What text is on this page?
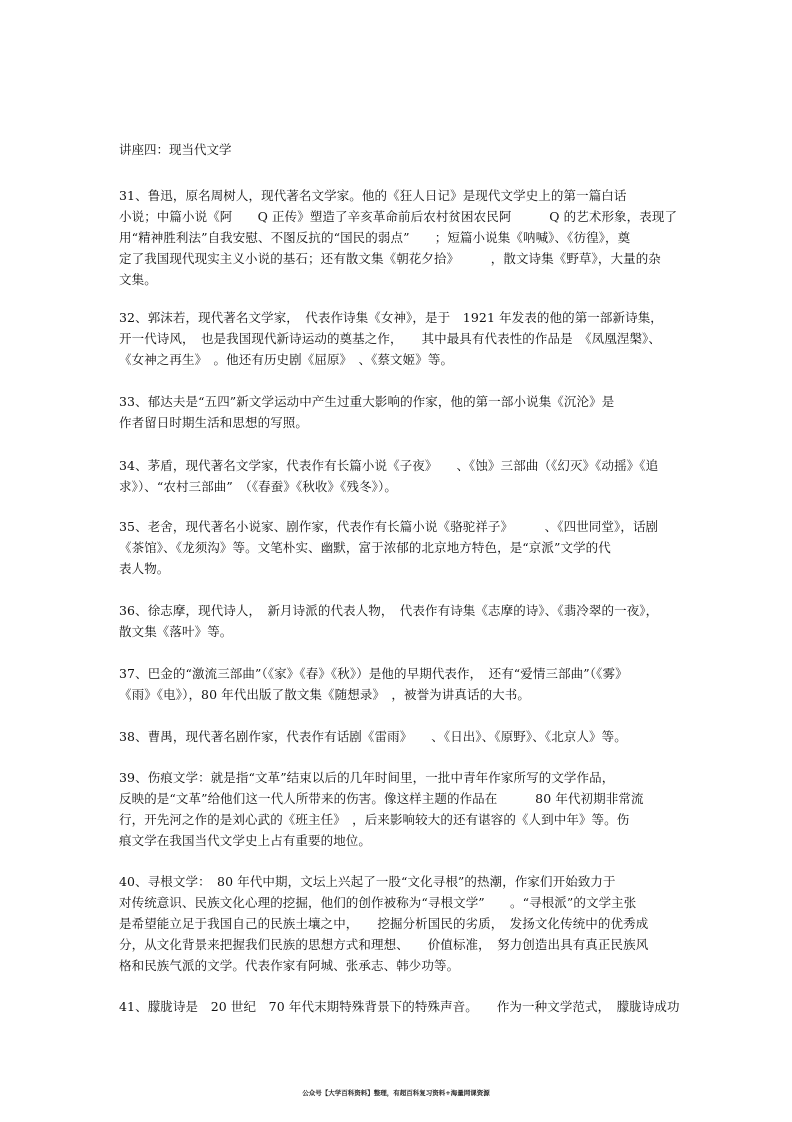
讲座四：现当代文学
31、鲁迅，原名周树人，现代著名文学家。他的《狂人日记》是现代文学史上的第一篇白话
小说；中篇小说《阿　　Q 正传》塑造了辛亥革命前后农村贫困农民阿　　　Q 的艺术形象，表现了
用“精神胜利法”自我安慰、不图反抗的“国民的弱点”　　；短篇小说集《呐喊》、《彷徨》，奠
定了我国现代现实主义小说的基石；还有散文集《朝花夕拾》　　　，散文诗集《野草》，大量的杂
文集。
32、郭沫若，现代著名文学家，　代表作诗集《女神》，是于　1921 年发表的他的第一部新诗集，
开一代诗风，　也是我国现代新诗运动的奠基之作，　　其中最具有代表性的作品是　《凤凰涅槃》、
《女神之再生》　。他还有历史剧《屈原》　、《蔡文姬》等。
33、郁达夫是“五四”新文学运动中产生过重大影响的作家，他的第一部小说集《沉沦》是
作者留日时期生活和思想的写照。
34、茅盾，现代著名文学家，代表作有长篇小说《子夜》　　、《蚀》三部曲（《幻灭》《动摇》《追
求》）、“农村三部曲”　（《春蚕》《秋收》《残冬》）。
35、老舍，现代著名小说家、剧作家，代表作有长篇小说《骆驼祥子》　　　、《四世同堂》，话剧
《茶馆》、《龙须沟》等。文笔朴实、幽默，富于浓郁的北京地方特色，是“京派”文学的代
表人物。
36、徐志摩，现代诗人，　新月诗派的代表人物，　代表作有诗集《志摩的诗》、《翡冷翠的一夜》，
散文集《落叶》等。
37、巴金的“激流三部曲”（《家》《春》《秋》）是他的早期代表作，　还有“爱情三部曲”（《雾》
《雨》《电》），80 年代出版了散文集《随想录》　，被誉为讲真话的大书。
38、曹禺，现代著名剧作家，代表作有话剧《雷雨》　　、《日出》、《原野》、《北京人》等。
39、伤痕文学：就是指“文革”结束以后的几年时间里，一批中青年作家所写的文学作品，
反映的是“文革”给他们这一代人所带来的伤害。像这样主题的作品在　　　80 年代初期非常流
行，开先河之作的是刘心武的《班主任》　，后来影响较大的还有谌容的《人到中年》等。伤
痕文学在我国当代文学史上占有重要的地位。
40、寻根文学：　80 年代中期，文坛上兴起了一股“文化寻根”的热潮，作家们开始致力于
对传统意识、民族文化心理的挖掘，他们的创作被称为“寻根文学”　　。“寻根派”的文学主张
是希望能立足于我国自己的民族土壤之中，　　挖掘分析国民的劣质，　发扬文化传统中的优秀成
分，从文化背景来把握我们民族的思想方式和理想、　　价值标准，　努力创造出具有真正民族风
格和民族气派的文学。代表作家有阿城、张承志、韩少功等。
41、朦胧诗是　20 世纪　70 年代末期特殊背景下的特殊声音。　　作为一种文学范式，　朦胧诗成功
公众号【大学百科资料】整理，有超百科复习资料+海量网课资源
